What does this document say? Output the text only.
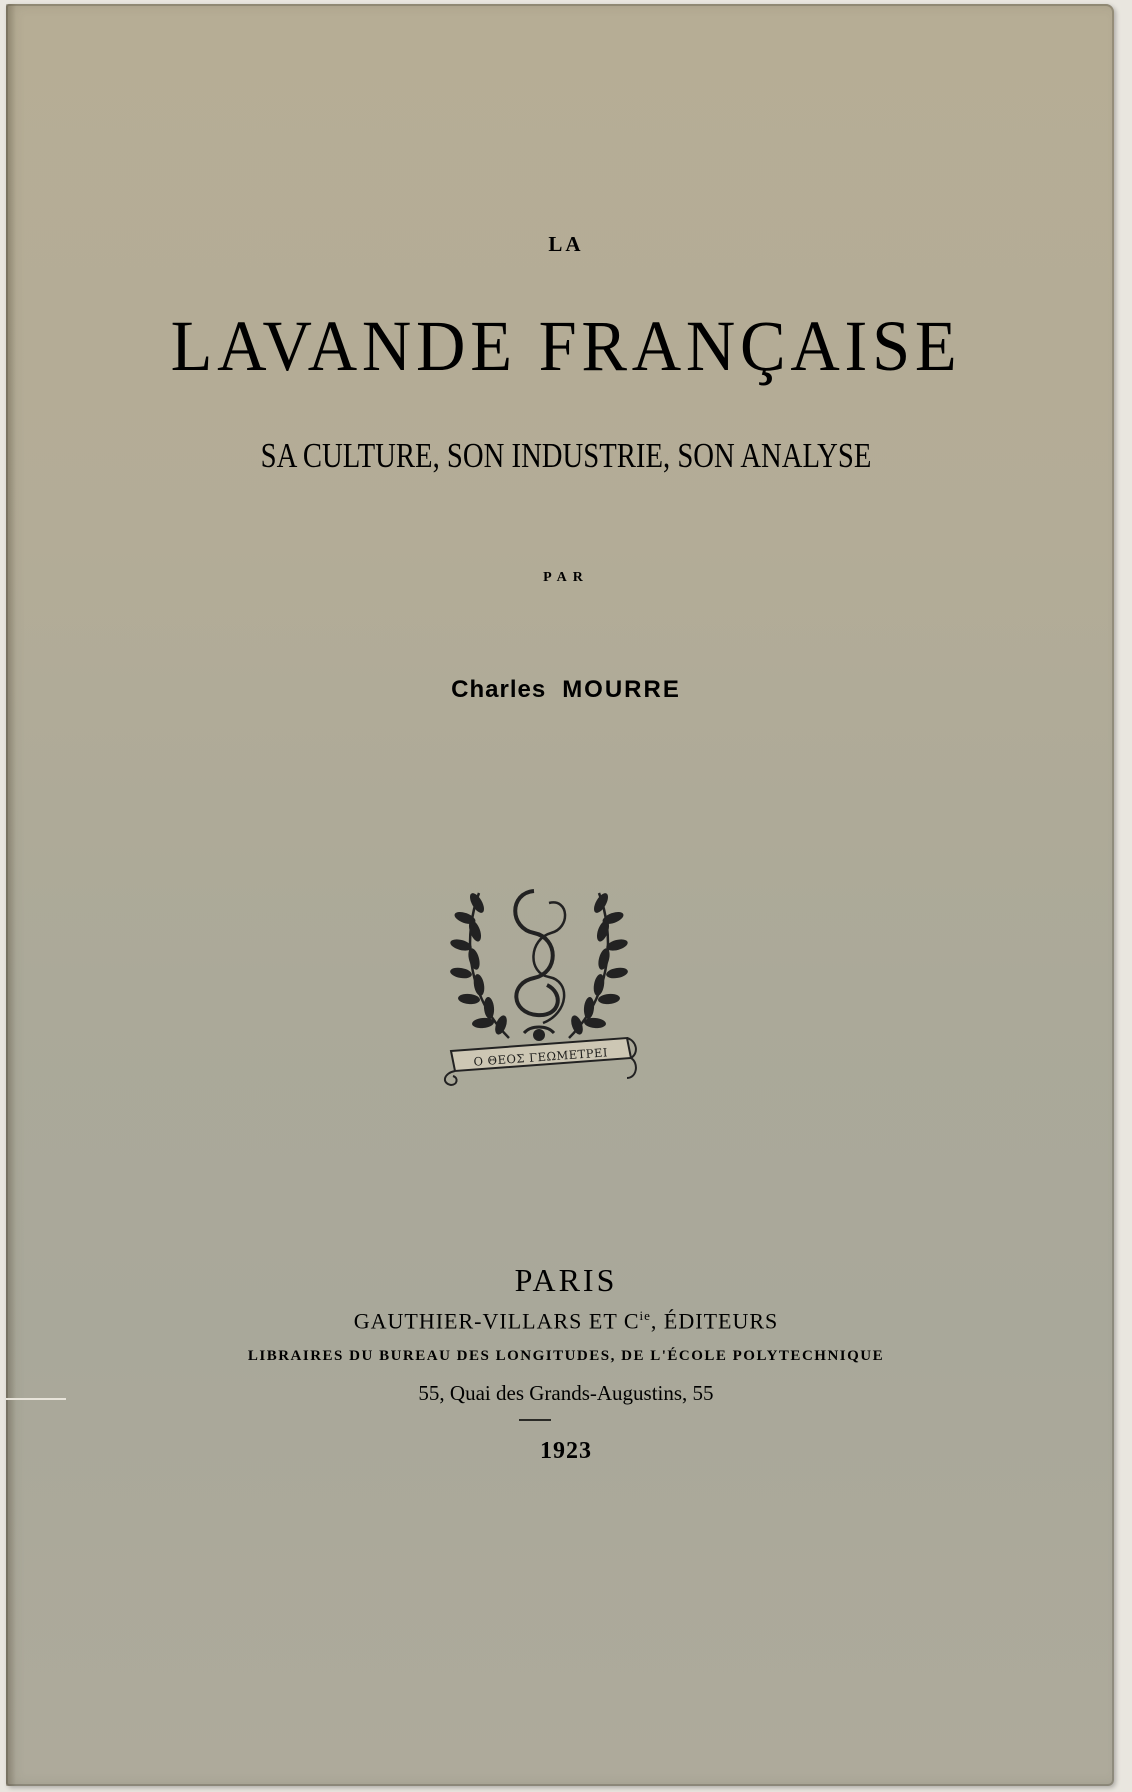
LA
LAVANDE FRANÇAISE
SA CULTURE, SON INDUSTRIE, SON ANALYSE
PAR
Charles MOURRE
Ο ΘΕΟΣ ΓΕΩΜΕΤΡΕΙ
PARIS
GAUTHIER-VILLARS ET $C^{ie}$, ÉDITEURS
LIBRAIRES DU BUREAU DES LONGITUDES, DE L'ÉCOLE POLYTECHNIQUE
55, Quai des Grands-Augustins, 55
1923
